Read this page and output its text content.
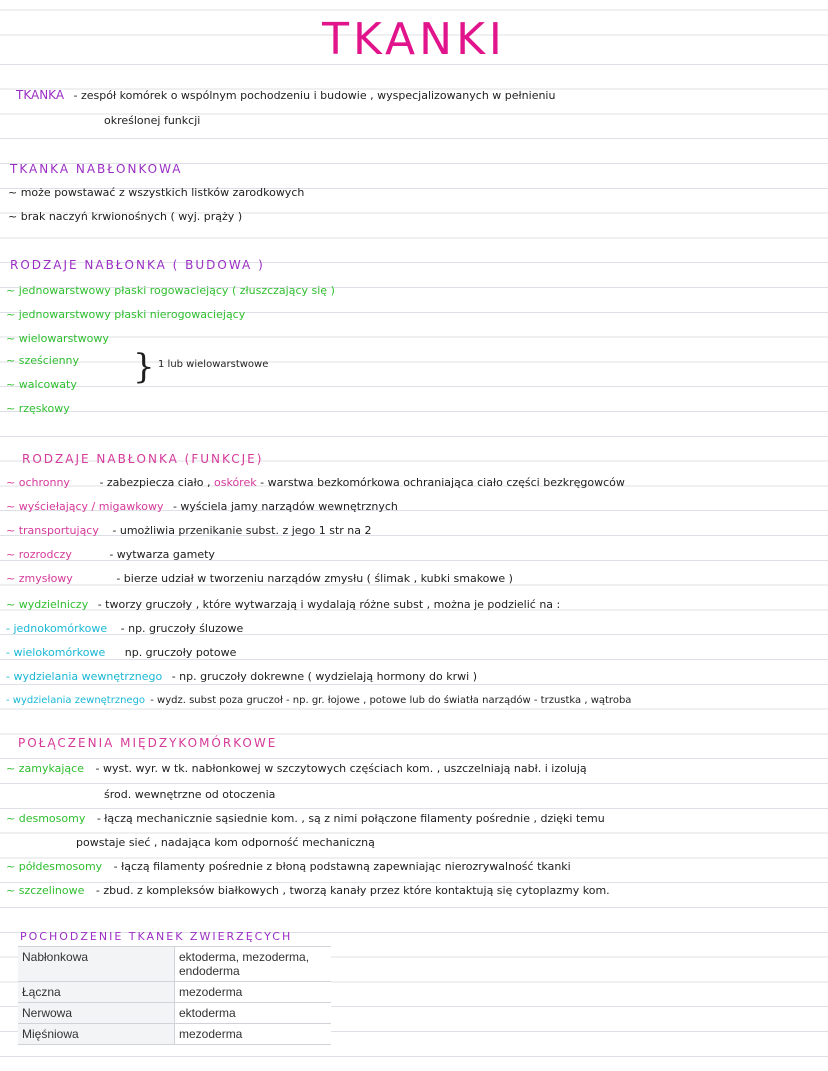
TKANKI
TKANKA - zespół komórek o wspólnym pochodzeniu i budowie , wyspecjalizowanych w pełnieniu
określonej funkcji
TKANKA NABŁONKOWA
~ może powstawać z wszystkich listków zarodkowych
~ brak naczyń krwionośnych ( wyj. prąży )
RODZAJE NABŁONKA ( BUDOWA )
~ jednowarstwowy płaski rogowaciejący ( złuszczający się )
~ jednowarstwowy płaski nierogowaciejący
~ wielowarstwowy
~ sześcienny
~ walcowaty
~ rzęskowy
} 1 lub wielowarstwowe
RODZAJE NABŁONKA (FUNKCJE)
~ ochronny	- zabezpiecza ciało , oskórek - warstwa bezkomórkowa ochraniająca ciało części bezkręgowców
~ wyściełający / migawkowy - wyściela jamy narządów wewnętrznych
~ transportujący - umożliwia przenikanie subst. z jego 1 str na 2
~ rozrodczy	- wytwarza gamety
~ zmysłowy	- bierze udział w tworzeniu narządów zmysłu ( ślimak , kubki smakowe )
~ wydzielniczy - tworzy gruczoły , które wytwarzają i wydalają różne subst , można je podzielić na :
- jednokomórkowe - np. gruczoły śluzowe
- wielokomórkowe np. gruczoły potowe
- wydzielania wewnętrznego - np. gruczoły dokrewne ( wydzielają hormony do krwi )
- wydzielania zewnętrznego - wydz. subst poza gruczoł - np. gr. łojowe , potowe lub do światła narządów - trzustka , wątroba
POŁĄCZENIA MIĘDZYKOMÓRKOWE
~ zamykające - wyst. wyr. w tk. nabłonkowej w szczytowych częściach kom. , uszczelniają nabł. i izolują
środ. wewnętrzne od otoczenia
~ desmosomy - łączą mechanicznie sąsiednie kom. , są z nimi połączone filamenty pośrednie , dzięki temu
powstaje sieć , nadająca kom odporność mechaniczną
~ półdesmosomy - łączą filamenty pośrednie z błoną podstawną zapewniając nierozrywalność tkanki
~ szczelinowe - zbud. z kompleksów białkowych , tworzą kanały przez które kontaktują się cytoplazmy kom.
POCHODZENIE TKANEK ZWIERZĘCYCH
Nabłonkowa	ektoderma, mezoderma, endoderma
Łączna	mezoderma
Nerwowa	ektoderma
Mięśniowa	mezoderma
